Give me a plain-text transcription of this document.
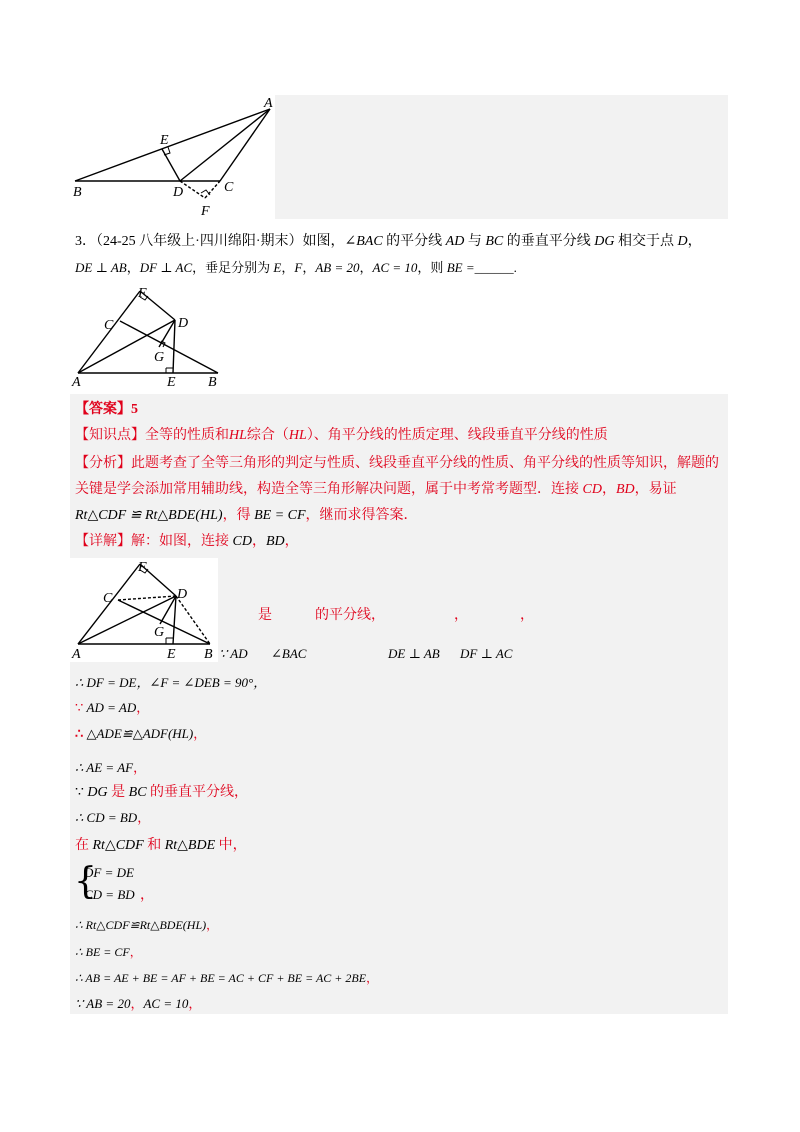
A
E
B	D	C
F
3．（24-25 八年级上·四川绵阳·期末）如图，∠BAC 的平分线 AD 与 BC 的垂直平分线 DG 相交于点 D，
DE ⊥ AB，DF ⊥ AC，垂足分别为 E，F，AB = 20，AC = 10，则 BE =______.
F
C	D
G
A	E B
【答案】5
【知识点】全等的性质和HL综合（HL）、角平分线的性质定理、线段垂直平分线的性质
【分析】此题考查了全等三角形的判定与性质、线段垂直平分线的性质、角平分线的性质等知识，解题的
关键是学会添加常用辅助线，构造全等三角形解决问题，属于中考常考题型．连接 CD，BD，易证
Rt△CDF ≌ Rt△BDE(HL)，得 BE = CF，继而求得答案．
【详解】解：如图，连接 CD，BD，
F
C	D
G
A	E B
是	的平分线，	，	，
∵ AD ∠BAC	DE ⊥ AB DF ⊥ AC
∴ DF = DE，∠F = ∠DEB = 90°，
∵ AD = AD，
∴ △ADE≌△ADF(HL)，
∴ AE = AF，
∵ DG 是 BC 的垂直平分线，
∴ CD = BD，
在 Rt△CDF 和 Rt△BDE 中，
{
DF = DE
CD = BD ，
∴ Rt△CDF≌Rt△BDE(HL)，
∴ BE = CF，
∴ AB = AE + BE = AF + BE = AC + CF + BE = AC + 2BE，
∵ AB = 20，AC = 10，
